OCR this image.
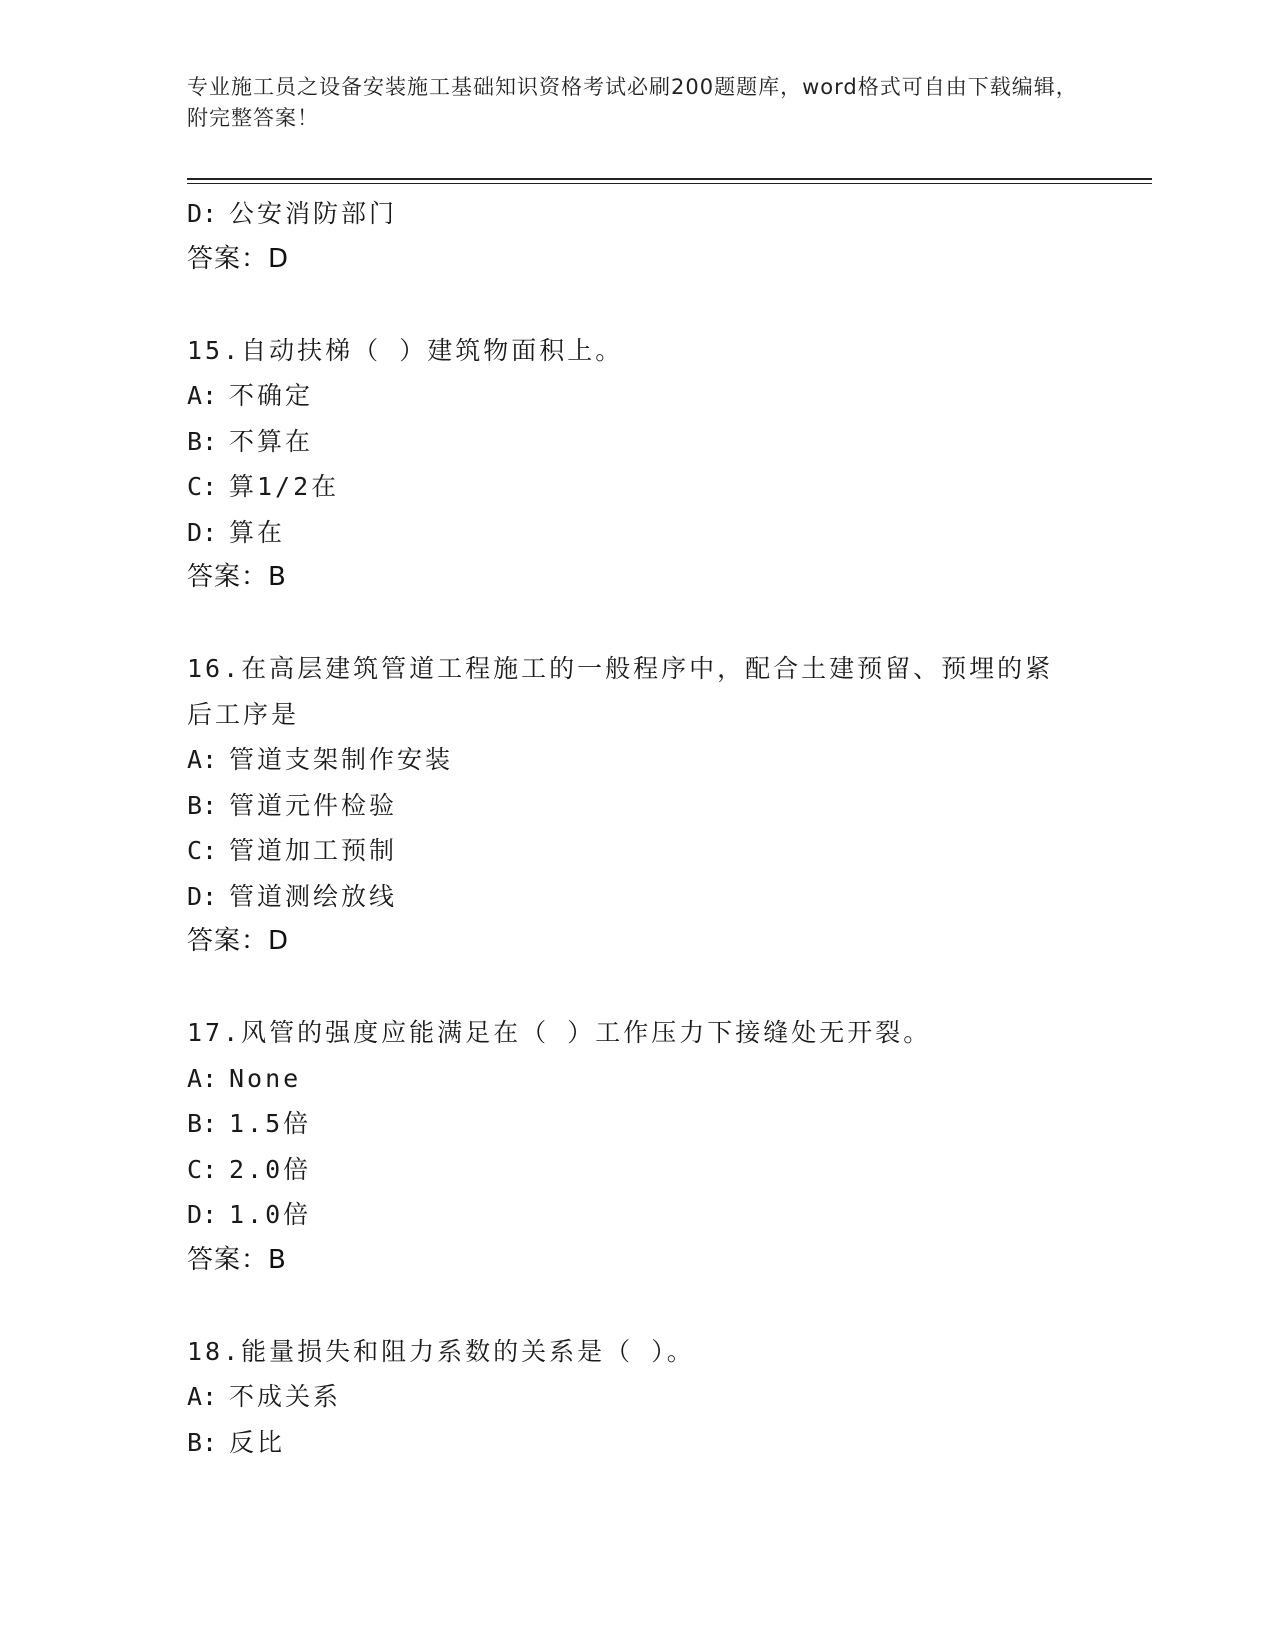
专业施工员之设备安装施工基础知识资格考试必刷200题题库，word格式可自由下载编辑，附完整答案！
D: 公安消防部门
答案：D
15.自动扶梯（ ）建筑物面积上。
A: 不确定
B: 不算在
C: 算1/2在
D: 算在
答案：B
16.在高层建筑管道工程施工的一般程序中，配合土建预留、预埋的紧后工序是
A: 管道支架制作安装
B: 管道元件检验
C: 管道加工预制
D: 管道测绘放线
答案：D
17.风管的强度应能满足在（ ）工作压力下接缝处无开裂。
A: None
B: 1.5倍
C: 2.0倍
D: 1.0倍
答案：B
18.能量损失和阻力系数的关系是（ ）。
A: 不成关系
B: 反比
